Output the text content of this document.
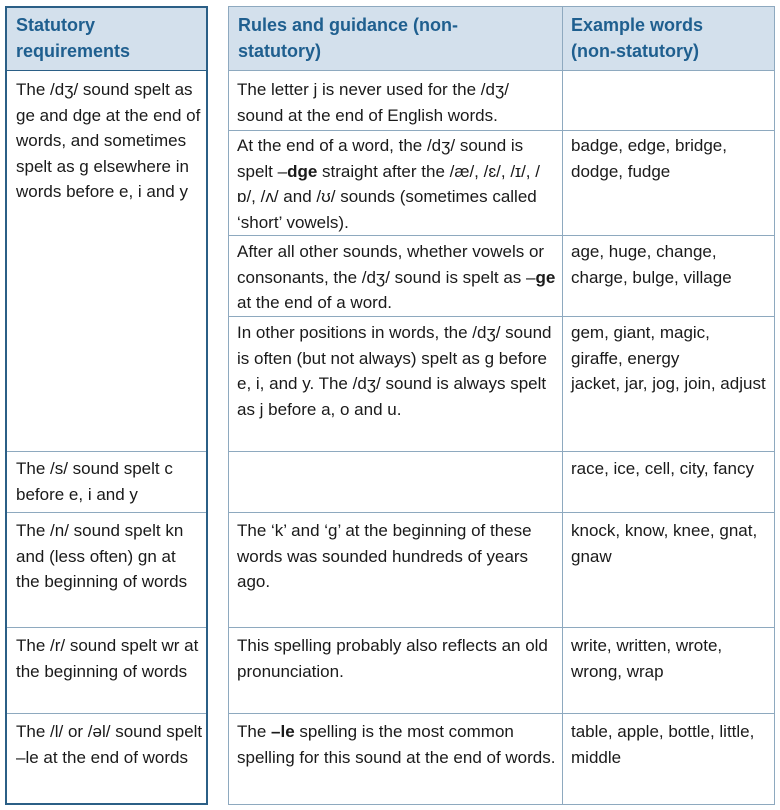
Statutory requirements
Rules and guidance (non-statutory)
Example words (non-statutory)
The /dʒ/ sound spelt as ge and dge at the end of words, and sometimes spelt as g elsewhere in words before e, i and y
The letter j is never used for the /dʒ/ sound at the end of English words.
At the end of a word, the /dʒ/ sound is spelt –dge straight after the /æ/, /ɛ/, /ɪ/, /ɒ/, /ʌ/ and /ʊ/ sounds (sometimes called ‘short’ vowels).
badge, edge, bridge, dodge, fudge
After all other sounds, whether vowels or consonants, the /dʒ/ sound is spelt as –ge at the end of a word.
age, huge, change, charge, bulge, village
In other positions in words, the /dʒ/ sound is often (but not always) spelt as g before e, i, and y. The /dʒ/ sound is always spelt as j before a, o and u.
gem, giant, magic, giraffe, energy
jacket, jar, jog, join, adjust
The /s/ sound spelt c before e, i and y
race, ice, cell, city, fancy
The /n/ sound spelt kn and (less often) gn at the beginning of words
The ‘k’ and ‘g’ at the beginning of these words was sounded hundreds of years ago.
knock, know, knee, gnat, gnaw
The /r/ sound spelt wr at the beginning of words
This spelling probably also reflects an old pronunciation.
write, written, wrote, wrong, wrap
The /l/ or /əl/ sound spelt –le at the end of words
The –le spelling is the most common spelling for this sound at the end of words.
table, apple, bottle, little, middle
